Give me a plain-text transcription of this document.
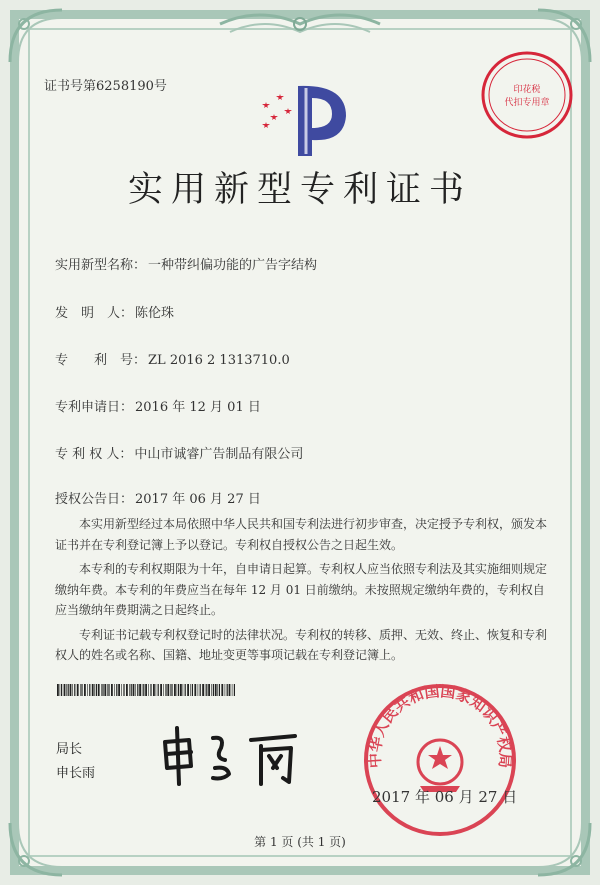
证书号第6258190号	印花税
代扣专用章
实用新型专利证书
实用新型名称： 一种带纠偏功能的广告字结构
发　明　人： 陈伦珠
专　　利　号： ZL 2016 2 1313710.0
专利申请日： 2016 年 12 月 01 日
专 利 权 人： 中山市诚睿广告制品有限公司
授权公告日： 2017 年 06 月 27 日

本实用新型经过本局依照中华人民共和国专利法进行初步审查，决定授予专利权，颁发本证书并在专利登记簿上予以登记。专利权自授权公告之日起生效。

本专利的专利权期限为十年，自申请日起算。专利权人应当依照专利法及其实施细则规定缴纳年费。本专利的年费应当在每年 12 月 01 日前缴纳。未按照规定缴纳年费的，专利权自应当缴纳年费期满之日起终止。

专利证书记载专利权登记时的法律状况。专利权的转移、质押、无效、终止、恢复和专利权人的姓名或名称、国籍、地址变更等事项记载在专利登记簿上。

局长
申长雨
中华人民共和国国家知识产权局
2017 年 06 月 27 日
第 1 页 (共 1 页)
